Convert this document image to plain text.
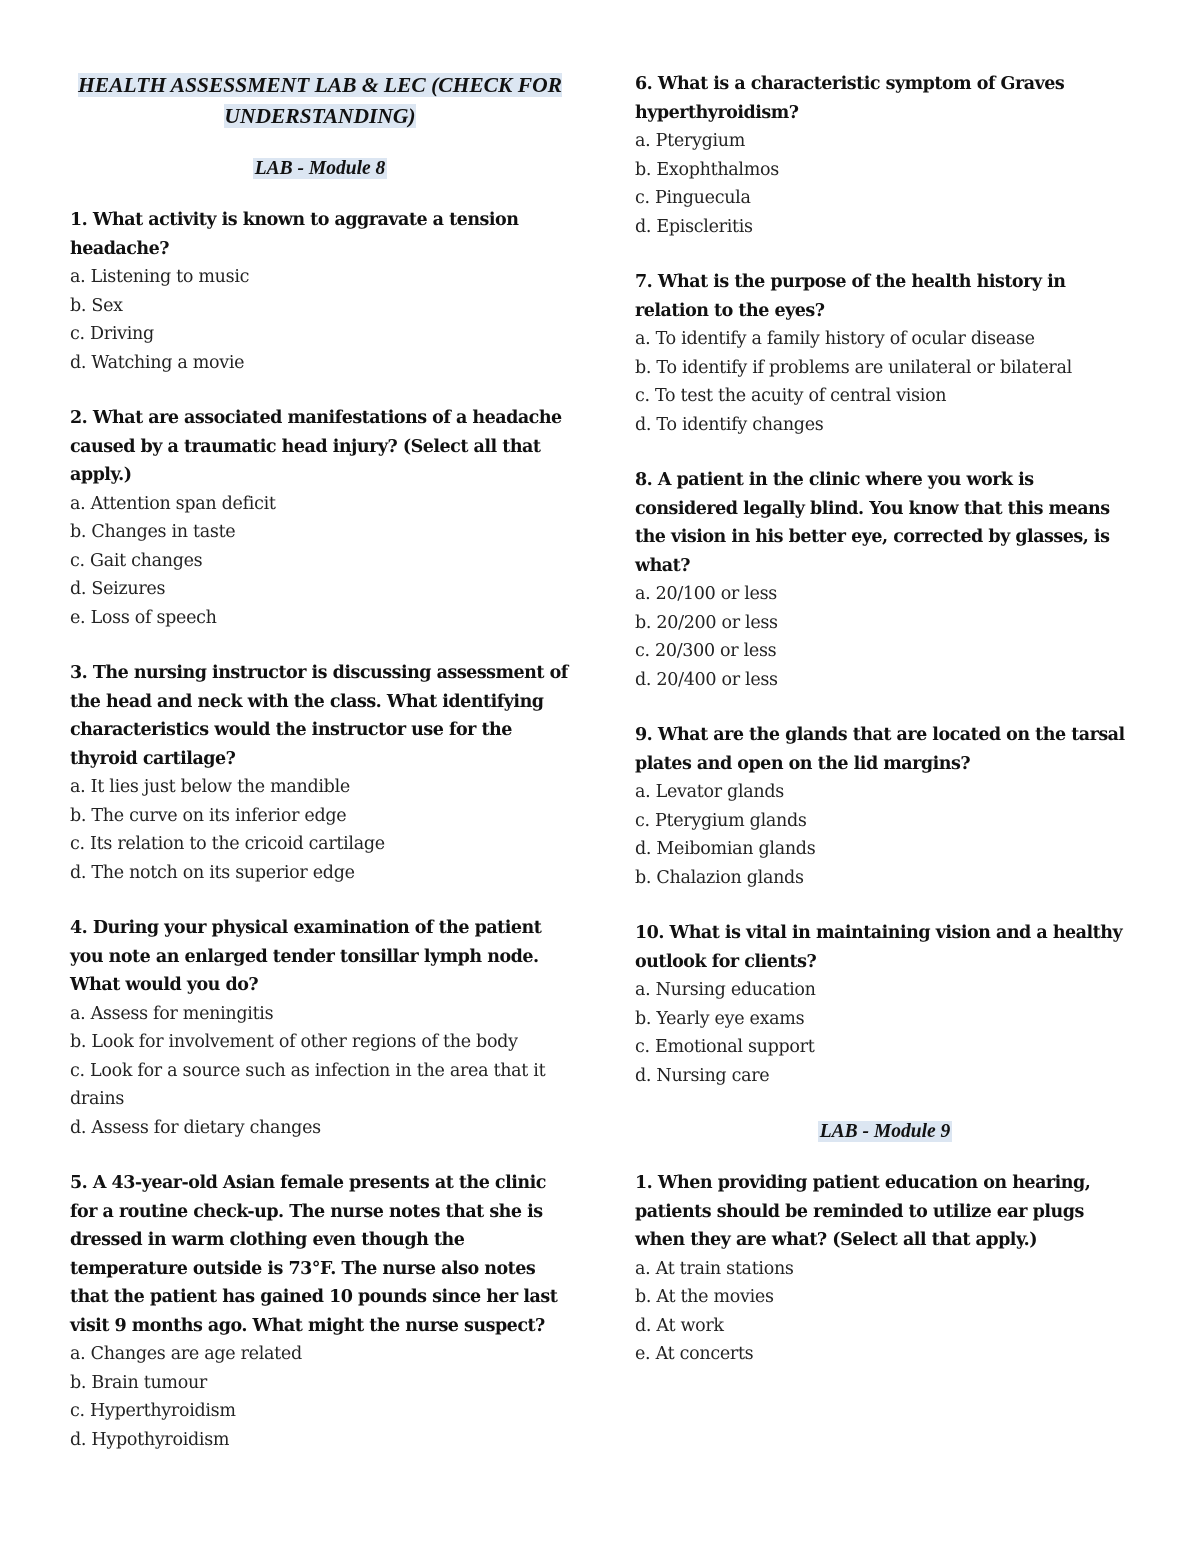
HEALTH ASSESSMENT LAB & LEC (CHECK FOR UNDERSTANDING)
LAB - Module 8
1. What activity is known to aggravate a tension headache?
a. Listening to music
b. Sex
c. Driving
d. Watching a movie
2. What are associated manifestations of a headache caused by a traumatic head injury? (Select all that apply.)
a. Attention span deficit
b. Changes in taste
c. Gait changes
d. Seizures
e. Loss of speech
3. The nursing instructor is discussing assessment of the head and neck with the class. What identifying characteristics would the instructor use for the thyroid cartilage?
a. It lies just below the mandible
b. The curve on its inferior edge
c. Its relation to the cricoid cartilage
d. The notch on its superior edge
4. During your physical examination of the patient you note an enlarged tender tonsillar lymph node. What would you do?
a. Assess for meningitis
b. Look for involvement of other regions of the body
c. Look for a source such as infection in the area that it drains
d. Assess for dietary changes
5. A 43-year-old Asian female presents at the clinic for a routine check-up. The nurse notes that she is dressed in warm clothing even though the temperature outside is 73°F. The nurse also notes that the patient has gained 10 pounds since her last visit 9 months ago. What might the nurse suspect?
a. Changes are age related
b. Brain tumour
c. Hyperthyroidism
d. Hypothyroidism
6. What is a characteristic symptom of Graves hyperthyroidism?
a. Pterygium
b. Exophthalmos
c. Pinguecula
d. Episcleritis
7. What is the purpose of the health history in relation to the eyes?
a. To identify a family history of ocular disease
b. To identify if problems are unilateral or bilateral
c. To test the acuity of central vision
d. To identify changes
8. A patient in the clinic where you work is considered legally blind. You know that this means the vision in his better eye, corrected by glasses, is what?
a. 20/100 or less
b. 20/200 or less
c. 20/300 or less
d. 20/400 or less
9. What are the glands that are located on the tarsal plates and open on the lid margins?
a. Levator glands
c. Pterygium glands
d. Meibomian glands
b. Chalazion glands
10. What is vital in maintaining vision and a healthy outlook for clients?
a. Nursing education
b. Yearly eye exams
c. Emotional support
d. Nursing care
LAB - Module 9
1. When providing patient education on hearing, patients should be reminded to utilize ear plugs when they are what? (Select all that apply.)
a. At train stations
b. At the movies
d. At work
e. At concerts
